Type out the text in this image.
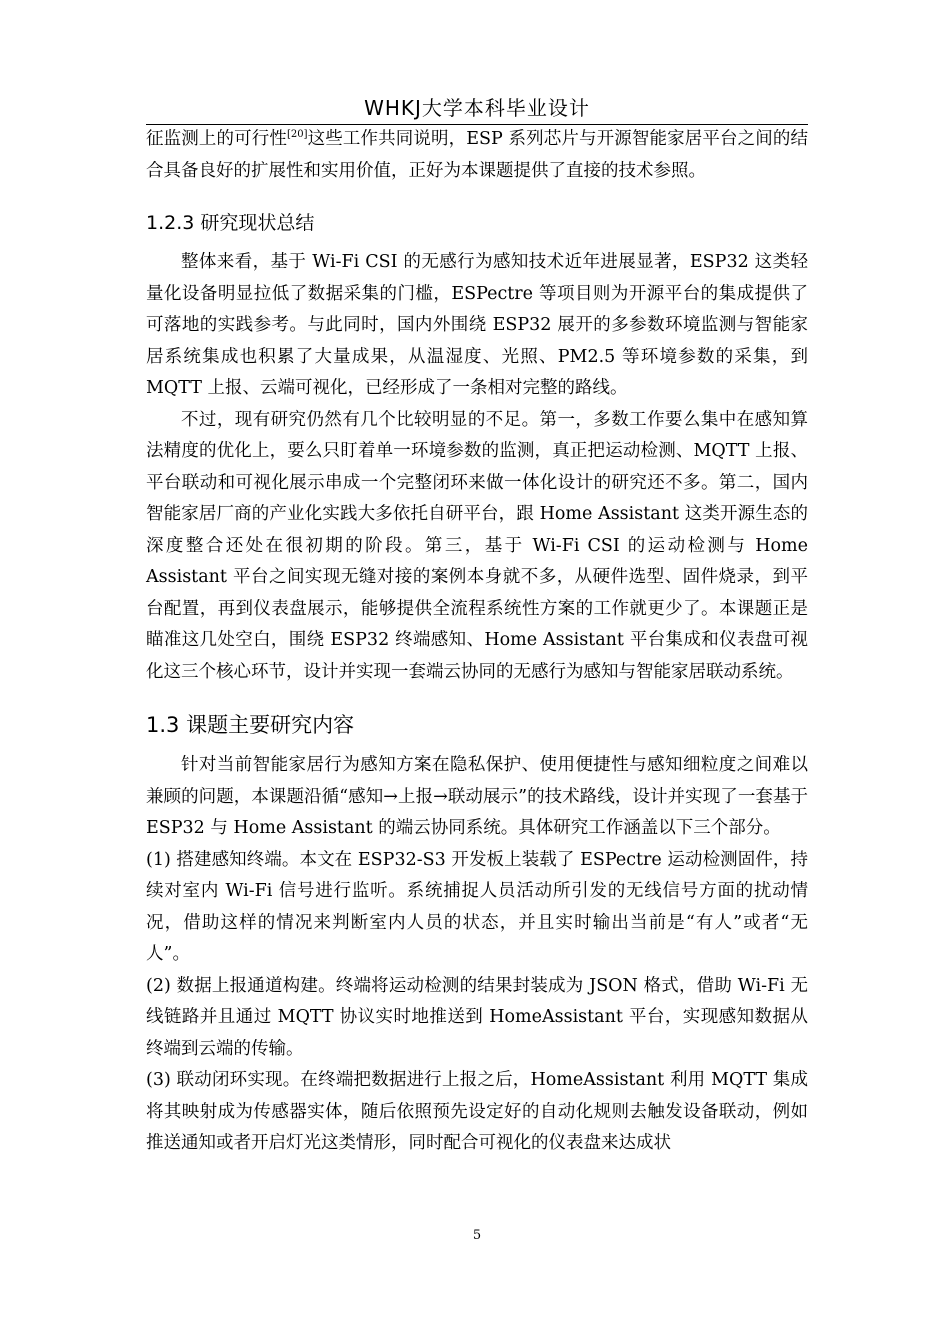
WHKJ大学本科毕业设计

征监测上的可行性[20]这些工作共同说明，ESP 系列芯片与开源智能家居平台之间的结合具备良好的扩展性和实用价值，正好为本课题提供了直接的技术参照。

1.2.3 研究现状总结

整体来看，基于 Wi-Fi CSI 的无感行为感知技术近年进展显著，ESP32 这类轻量化设备明显拉低了数据采集的门槛，ESPectre 等项目则为开源平台的集成提供了可落地的实践参考。与此同时，国内外围绕 ESP32 展开的多参数环境监测与智能家居系统集成也积累了大量成果，从温湿度、光照、PM2.5 等环境参数的采集，到 MQTT 上报、云端可视化，已经形成了一条相对完整的路线。

不过，现有研究仍然有几个比较明显的不足。第一，多数工作要么集中在感知算法精度的优化上，要么只盯着单一环境参数的监测，真正把运动检测、MQTT 上报、平台联动和可视化展示串成一个完整闭环来做一体化设计的研究还不多。第二，国内智能家居厂商的产业化实践大多依托自研平台，跟 Home Assistant 这类开源生态的深度整合还处在很初期的阶段。第三，基于 Wi-Fi CSI 的运动检测与 Home Assistant 平台之间实现无缝对接的案例本身就不多，从硬件选型、固件烧录，到平台配置，再到仪表盘展示，能够提供全流程系统性方案的工作就更少了。本课题正是瞄准这几处空白，围绕 ESP32 终端感知、Home Assistant 平台集成和仪表盘可视化这三个核心环节，设计并实现一套端云协同的无感行为感知与智能家居联动系统。

1.3 课题主要研究内容

针对当前智能家居行为感知方案在隐私保护、使用便捷性与感知细粒度之间难以兼顾的问题，本课题沿循“感知→上报→联动展示”的技术路线，设计并实现了一套基于 ESP32 与 Home Assistant 的端云协同系统。具体研究工作涵盖以下三个部分。

(1) 搭建感知终端。本文在 ESP32-S3 开发板上装载了 ESPectre 运动检测固件，持续对室内 Wi-Fi 信号进行监听。系统捕捉人员活动所引发的无线信号方面的扰动情况，借助这样的情况来判断室内人员的状态，并且实时输出当前是“有人”或者“无人”。

(2) 数据上报通道构建。终端将运动检测的结果封装成为 JSON 格式，借助 Wi-Fi 无线链路并且通过 MQTT 协议实时地推送到 HomeAssistant 平台，实现感知数据从终端到云端的传输。

(3) 联动闭环实现。在终端把数据进行上报之后，HomeAssistant 利用 MQTT 集成将其映射成为传感器实体，随后依照预先设定好的自动化规则去触发设备联动，例如推送通知或者开启灯光这类情形，同时配合可视化的仪表盘来达成状

5
